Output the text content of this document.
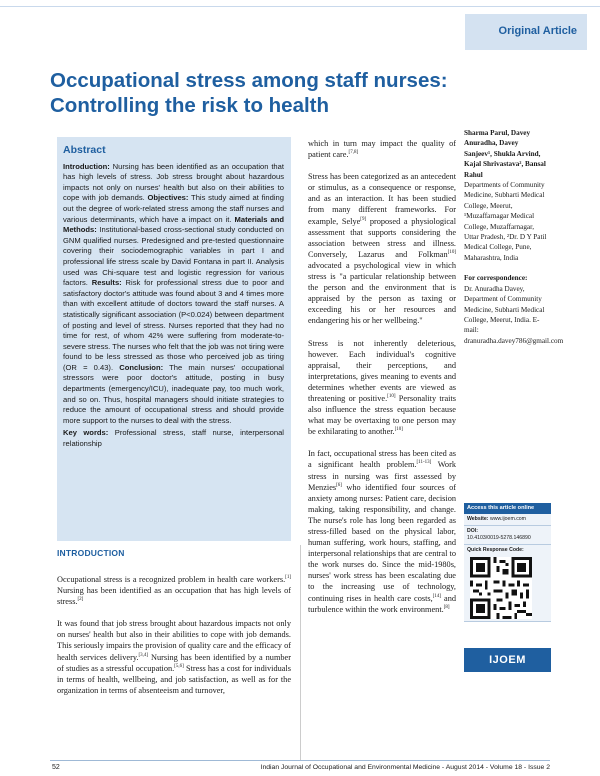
Original Article
Occupational stress among staff nurses:
Controlling the risk to health
Abstract
Introduction: Nursing has been identified as an occupation that has high levels of stress. Job stress brought about hazardous impacts not only on nurses' health but also on their abilities to cope with job demands. Objectives: This study aimed at finding out the degree of work-related stress among the staff nurses and various determinants, which have a impact on it. Materials and Methods: Institutional-based cross-sectional study conducted on GNM qualified nurses. Predesigned and pre-tested questionnaire covering their sociodemographic variables in part I and professional life stress scale by David Fontana in part II. Analysis used was Chi-square test and logistic regression for various factors. Results: Risk for professional stress due to poor and satisfactory doctor's attitude was found about 3 and 4 times more than with excellent attitude of doctors toward the staff nurses. A statistically significant association (P<0.024) between department of posting and level of stress. Nurses reported that they had no time for rest, of whom 42% were suffering from moderate-to-severe stress. The nurses who felt that the job was not tiring were found to be less stressed as those who perceived job as tiring (OR = 0.43). Conclusion: The main nurses' occupational stressors were poor doctor's attitude, posting in busy departments (emergency/ICU), inadequate pay, too much work, and so on. Thus, hospital managers should initiate strategies to reduce the amount of occupational stress and should provide more support to the nurses to deal with the stress.
Key words: Professional stress, staff nurse, interpersonal relationship
INTRODUCTION

Occupational stress is a recognized problem in health care workers.[1] Nursing has been identified as an occupation that has high levels of stress.[2]

It was found that job stress brought about hazardous impacts not only on nurses' health but also in their abilities to cope with job demands. This seriously impairs the provision of quality care and the efficacy of health services delivery.[3,4] Nursing has been identified by a number of studies as a stressful occupation.[5,6] Stress has a cost for individuals in terms of health, wellbeing, and job satisfaction, as well as for the organization in terms of absenteeism and turnover,

which in turn may impact the quality of patient care.[7,8]

Stress has been categorized as an antecedent or stimulus, as a consequence or response, and as an interaction. It has been studied from many different frameworks. For example, Selye[9] proposed a physiological assessment that supports considering the association between stress and illness. Conversely, Lazarus and Folkman[10] advocated a psychological view in which stress is "a particular relationship between the person and the environment that is appraised by the person as taxing or exceeding his or her resources and endangering his or her wellbeing."

Stress is not inherently deleterious, however. Each individual's cognitive appraisal, their perceptions, and interpretations, gives meaning to events and determines whether events are viewed as threatening or positive.[10] Personality traits also influence the stress equation because what may be overtaxing to one person may be exhilarating to another.[10]

In fact, occupational stress has been cited as a significant health problem.[11-13] Work stress in nursing was first assessed by Menzies[6] who identified four sources of anxiety among nurses: Patient care, decision making, taking responsibility, and change. The nurse's role has long been regarded as stress-filled based on the physical labor, human suffering, work hours, staffing, and interpersonal relationships that are central to the work nurses do. Since the mid-1980s, nurses' work stress has been escalating due to the increasing use of technology, continuing rises in health care costs,[14] and turbulence within the work environment.[8]

Sharma Parul, Davey Anuradha, Davey Sanjeev¹, Shukla Arvind, Kajal Shrivastava², Bansal Rahul
Departments of Community Medicine, Subharti Medical College, Meerut, ¹Muzaffarnagar Medical College, Muzaffarnagar, Uttar Pradesh, ²Dr. D Y Patil Medical College, Pune, Maharashtra, India
For correspondence:
Dr. Anuradha Davey, Department of Community Medicine, Subharti Medical College, Meerut, India. E-mail: dranuradha.davey786@gmail.com
Access this article online
Website: www.ijoem.com
DOI:
10.4103/0019-5278.146890
Quick Response Code:
IJOEM
52	Indian Journal of Occupational and Environmental Medicine - August 2014 - Volume 18 - Issue 2
